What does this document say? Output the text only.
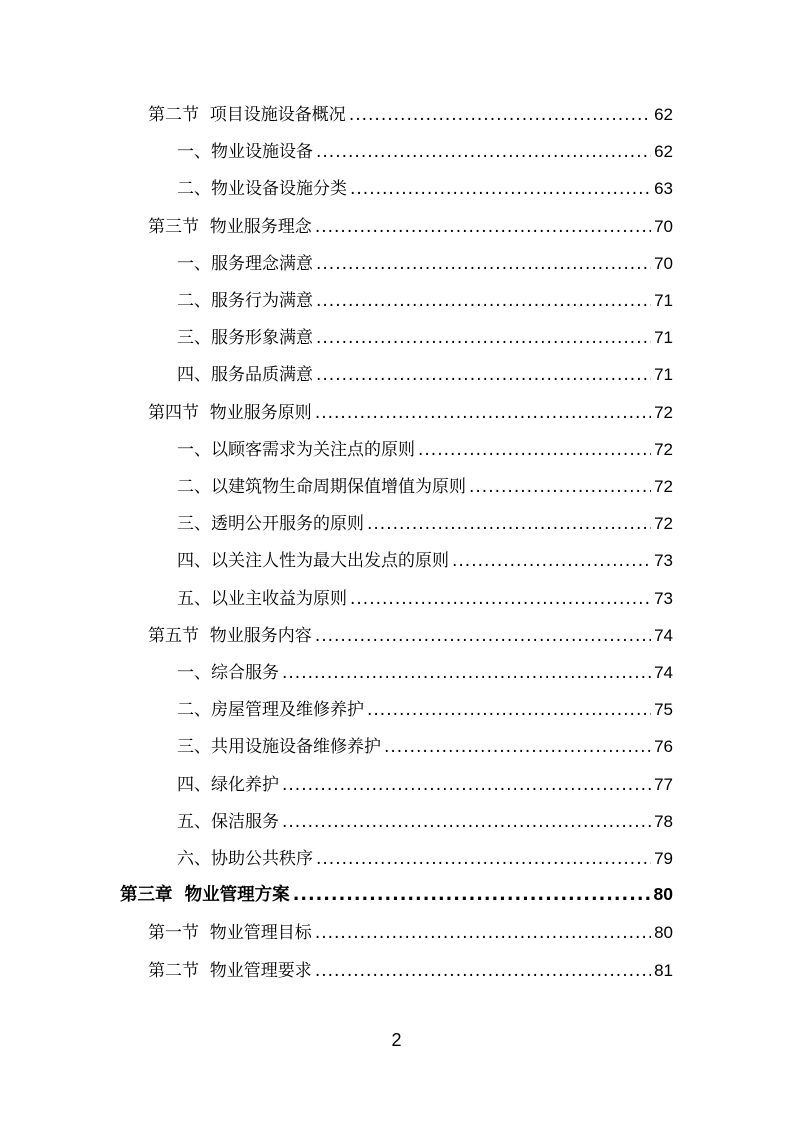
第二节  项目设施设备概况 .....	62
一、物业设施设备 .....	62
二、物业设备设施分类 .....	63
第三节  物业服务理念 .....	70
一、服务理念满意 .....	70
二、服务行为满意 .....	71
三、服务形象满意 .....	71
四、服务品质满意 .....	71
第四节  物业服务原则 .....	72
一、以顾客需求为关注点的原则 .....	72
二、以建筑物生命周期保值增值为原则 .....	72
三、透明公开服务的原则 .....	72
四、以关注人性为最大出发点的原则 .....	73
五、以业主收益为原则 .....	73
第五节  物业服务内容 .....	74
一、综合服务 .....	74
二、房屋管理及维修养护 .....	75
三、共用设施设备维修养护 .....	76
四、绿化养护 .....	77
五、保洁服务 .....	78
六、协助公共秩序 .....	79
第三章  物业管理方案 .....	80
第一节  物业管理目标 .....	80
第二节  物业管理要求 .....	81
2
